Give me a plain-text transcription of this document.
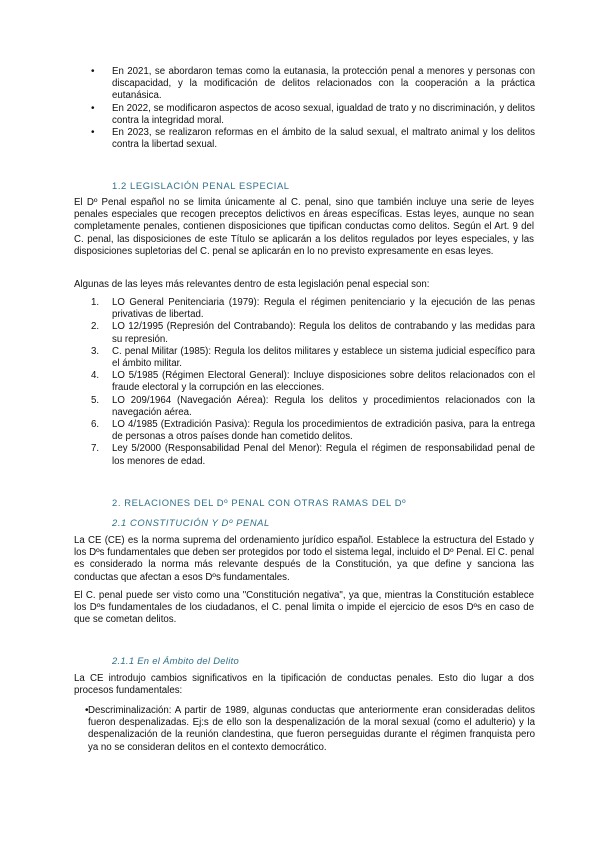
• En 2021, se abordaron temas como la eutanasia, la protección penal a menores y personas con discapacidad, y la modificación de delitos relacionados con la cooperación a la práctica eutanásica.
• En 2022, se modificaron aspectos de acoso sexual, igualdad de trato y no discriminación, y delitos contra la integridad moral.
• En 2023, se realizaron reformas en el ámbito de la salud sexual, el maltrato animal y los delitos contra la libertad sexual.

1.2 LEGISLACIÓN PENAL ESPECIAL

El Dº Penal español no se limita únicamente al C. penal, sino que también incluye una serie de leyes penales especiales que recogen preceptos delictivos en áreas específicas. Estas leyes, aunque no sean completamente penales, contienen disposiciones que tipifican conductas como delitos. Según el Art. 9 del C. penal, las disposiciones de este Título se aplicarán a los delitos regulados por leyes especiales, y las disposiciones supletorias del C. penal se aplicarán en lo no previsto expresamente en esas leyes.

Algunas de las leyes más relevantes dentro de esta legislación penal especial son:

1. LO General Penitenciaria (1979): Regula el régimen penitenciario y la ejecución de las penas privativas de libertad.
2. LO 12/1995 (Represión del Contrabando): Regula los delitos de contrabando y las medidas para su represión.
3. C. penal Militar (1985): Regula los delitos militares y establece un sistema judicial específico para el ámbito militar.
4. LO 5/1985 (Régimen Electoral General): Incluye disposiciones sobre delitos relacionados con el fraude electoral y la corrupción en las elecciones.
5. LO 209/1964 (Navegación Aérea): Regula los delitos y procedimientos relacionados con la navegación aérea.
6. LO 4/1985 (Extradición Pasiva): Regula los procedimientos de extradición pasiva, para la entrega de personas a otros países donde han cometido delitos.
7. Ley 5/2000 (Responsabilidad Penal del Menor): Regula el régimen de responsabilidad penal de los menores de edad.

2. RELACIONES DEL Dº PENAL CON OTRAS RAMAS DEL Dº

2.1 CONSTITUCIÓN Y Dº PENAL

La CE (CE) es la norma suprema del ordenamiento jurídico español. Establece la estructura del Estado y los Dºs fundamentales que deben ser protegidos por todo el sistema legal, incluido el Dº Penal. El C. penal es considerado la norma más relevante después de la Constitución, ya que define y sanciona las conductas que afectan a esos Dºs fundamentales.

El C. penal puede ser visto como una "Constitución negativa", ya que, mientras la Constitución establece los Dºs fundamentales de los ciudadanos, el C. penal limita o impide el ejercicio de esos Dºs en caso de que se cometan delitos.

2.1.1 En el Ámbito del Delito

La CE introdujo cambios significativos en la tipificación de conductas penales. Esto dio lugar a dos procesos fundamentales:

• Descriminalización: A partir de 1989, algunas conductas que anteriormente eran consideradas delitos fueron despenalizadas. Ej:s de ello son la despenalización de la moral sexual (como el adulterio) y la despenalización de la reunión clandestina, que fueron perseguidas durante el régimen franquista pero ya no se consideran delitos en el contexto democrático.
